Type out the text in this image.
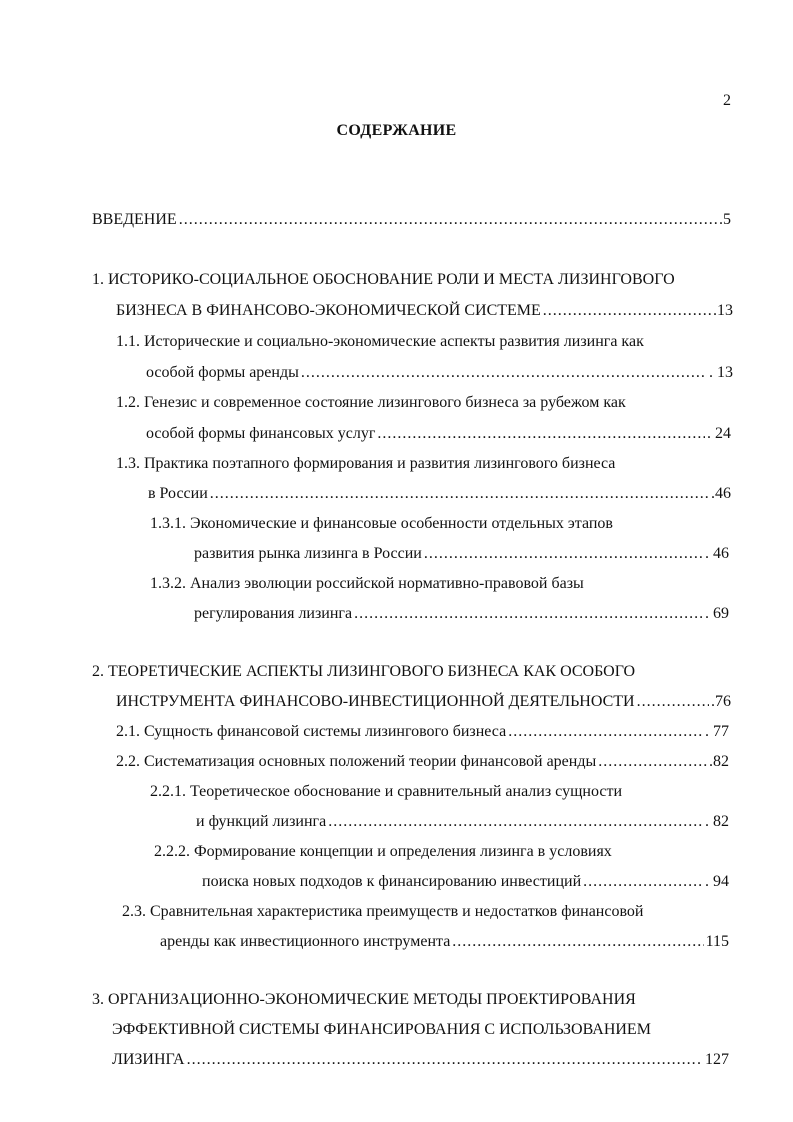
2
СОДЕРЖАНИЕ
ВВЕДЕНИЕ .....	.5
1. ИСТОРИКО-СОЦИАЛЬНОЕ ОБОСНОВАНИЕ РОЛИ И МЕСТА ЛИЗИНГОВОГО
БИЗНЕСА В ФИНАНСОВО-ЭКОНОМИЧЕСКОЙ СИСТЕМЕ .....	.13
1.1. Исторические и социально-экономические аспекты развития лизинга как
особой формы аренды .....	. 13
1.2. Генезис и современное состояние лизингового бизнеса за рубежом как
особой формы финансовых услуг .....	. 24
1.3. Практика поэтапного формирования и развития лизингового бизнеса
в России .....	.46
1.3.1. Экономические и финансовые особенности отдельных этапов
развития рынка лизинга в России .....	. 46
1.3.2. Анализ эволюции российской нормативно-правовой базы
регулирования лизинга .....	. 69
2. ТЕОРЕТИЧЕСКИЕ АСПЕКТЫ ЛИЗИНГОВОГО БИЗНЕСА КАК ОСОБОГО
ИНСТРУМЕНТА ФИНАНСОВО-ИНВЕСТИЦИОННОЙ ДЕЯТЕЛЬНОСТИ .....	.76
2.1. Сущность финансовой системы лизингового бизнеса .....	. 77
2.2. Систематизация основных положений теории финансовой аренды .....	.82
2.2.1. Теоретическое обоснование и сравнительный анализ сущности
и функций лизинга .....	. 82
2.2.2. Формирование концепции и определения лизинга в условиях
поиска новых подходов к финансированию инвестиций .....	. 94
2.3. Сравнительная характеристика преимуществ и недостатков финансовой
аренды как инвестиционного инструмента .....	115
3. ОРГАНИЗАЦИОННО-ЭКОНОМИЧЕСКИЕ МЕТОДЫ ПРОЕКТИРОВАНИЯ
ЭФФЕКТИВНОЙ СИСТЕМЫ ФИНАНСИРОВАНИЯ С ИСПОЛЬЗОВАНИЕМ
ЛИЗИНГА .....	. 127
